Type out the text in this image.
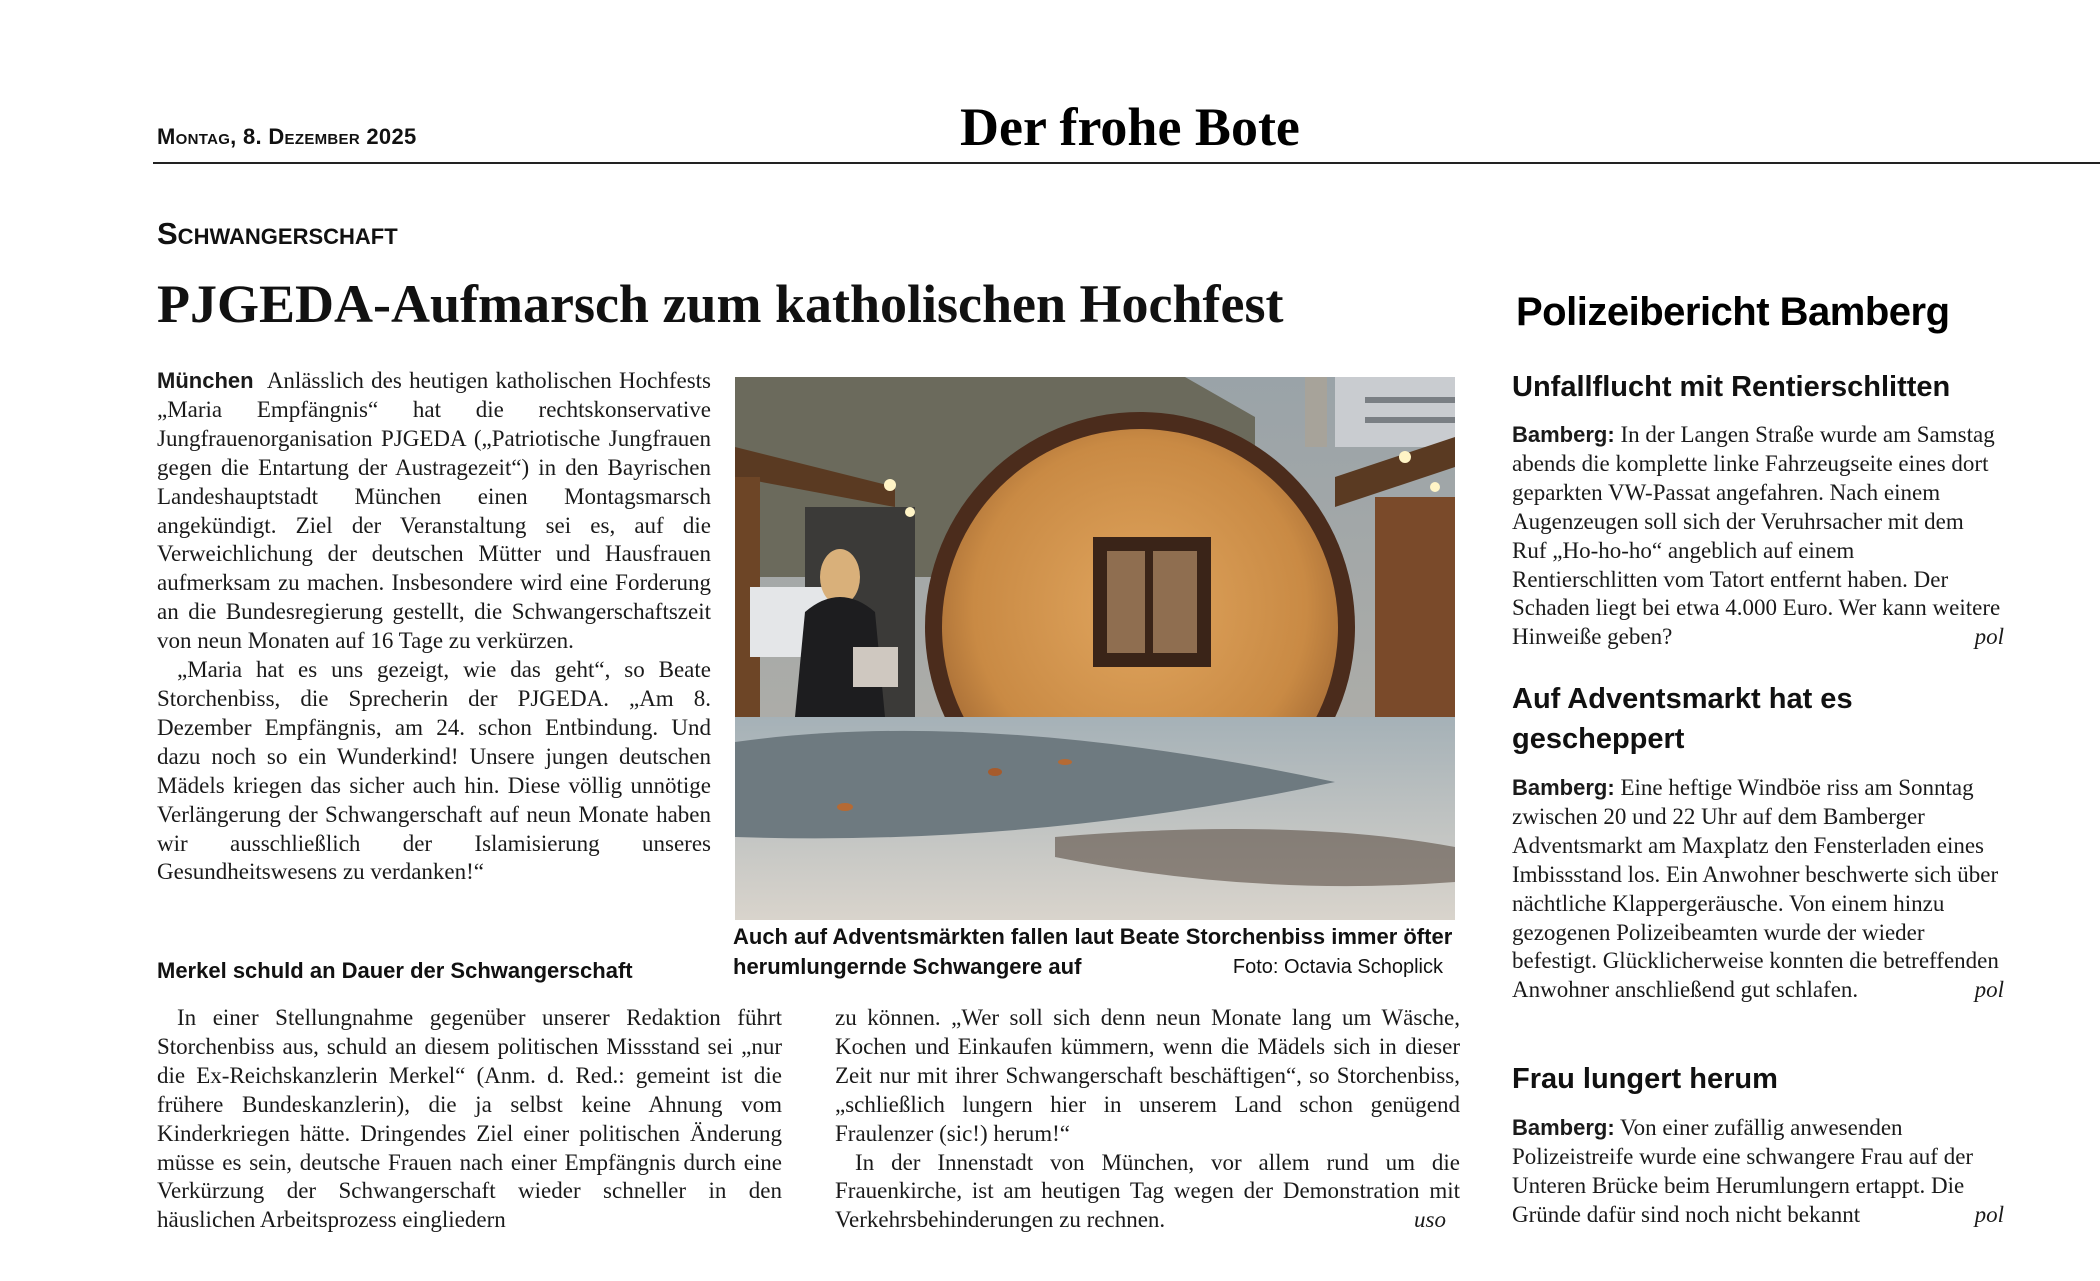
Montag, 8. Dezember 2025	Der frohe Bote
Schwangerschaft
PJGEDA-Aufmarsch zum katholischen Hochfest

München Anlässlich des heutigen katholischen Hochfests „Maria Empfängnis“ hat die rechtskonservative Jungfrauenorganisation PJGEDA („Patriotische Jungfrauen gegen die Entartung der Austragezeit“) in den Bayrischen Landeshauptstadt München einen Montagsmarsch angekündigt. Ziel der Veranstaltung sei es, auf die Verweichlichung der deutschen Mütter und Hausfrauen aufmerksam zu machen. Insbesondere wird eine Forderung an die Bundesregierung gestellt, die Schwangerschaftszeit von neun Monaten auf 16 Tage zu verkürzen.

„Maria hat es uns gezeigt, wie das geht“, so Beate Storchenbiss, die Sprecherin der PJGEDA. „Am 8. Dezember Empfängnis, am 24. schon Entbindung. Und dazu noch so ein Wunderkind! Unsere jungen deutschen Mädels kriegen das sicher auch hin. Diese völlig unnötige Verlängerung der Schwangerschaft auf neun Monate haben wir ausschließlich der Islamisierung unseres Gesundheitswesens zu verdanken!“

Auch auf Adventsmärkten fallen laut Beate Storchenbiss immer öfter herumlungernde Schwangere auf	Foto: Octavia Schoplick
Merkel schuld an Dauer der Schwangerschaft

In einer Stellungnahme gegenüber unserer Redaktion führt Storchenbiss aus, schuld an diesem politischen Missstand sei „nur die Ex-Reichskanzlerin Merkel“ (Anm. d. Red.: gemeint ist die frühere Bundeskanzlerin), die ja selbst keine Ahnung vom Kinderkriegen hätte. Dringendes Ziel einer politischen Änderung müsse es sein, deutsche Frauen nach einer Empfängnis durch eine Verkürzung der Schwangerschaft wieder schneller in den häuslichen Arbeitsprozess eingliedern

zu können. „Wer soll sich denn neun Monate lang um Wäsche, Kochen und Einkaufen kümmern, wenn die Mädels sich in dieser Zeit nur mit ihrer Schwangerschaft beschäftigen“, so Storchenbiss, „schließlich lungern hier in unserem Land schon genügend Fraulenzer (sic!) herum!“

In der Innenstadt von München, vor allem rund um die Frauenkirche, ist am heutigen Tag wegen der Demonstration mit Verkehrsbehinderungen zu rechnen.	uso

Polizeibericht Bamberg
Unfallflucht mit Rentierschlitten
Bamberg: In der Langen Straße wurde am Samstag abends die komplette linke Fahrzeugseite eines dort geparkten VW-Passat angefahren. Nach einem Augenzeugen soll sich der Veruhrsacher mit dem Ruf „Ho-ho-ho“ angeblich auf einem Rentierschlitten vom Tatort entfernt haben. Der Schaden liegt bei etwa 4.000 Euro. Wer kann weitere Hinweiße geben?	pol
Auf Adventsmarkt hat es gescheppert
Bamberg: Eine heftige Windböe riss am Sonntag zwischen 20 und 22 Uhr auf dem Bamberger Adventsmarkt am Maxplatz den Fensterladen eines Imbissstand los. Ein Anwohner beschwerte sich über nächtliche Klappergeräusche. Von einem hinzu gezogenen Polizeibeamten wurde der wieder befestigt. Glücklicherweise konnten die betreffenden Anwohner anschließend gut schlafen.	pol
Frau lungert herum
Bamberg: Von einer zufällig anwesenden Polizeistreife wurde eine schwangere Frau auf der Unteren Brücke beim Herumlungern ertappt. Die Gründe dafür sind noch nicht bekannt	pol
